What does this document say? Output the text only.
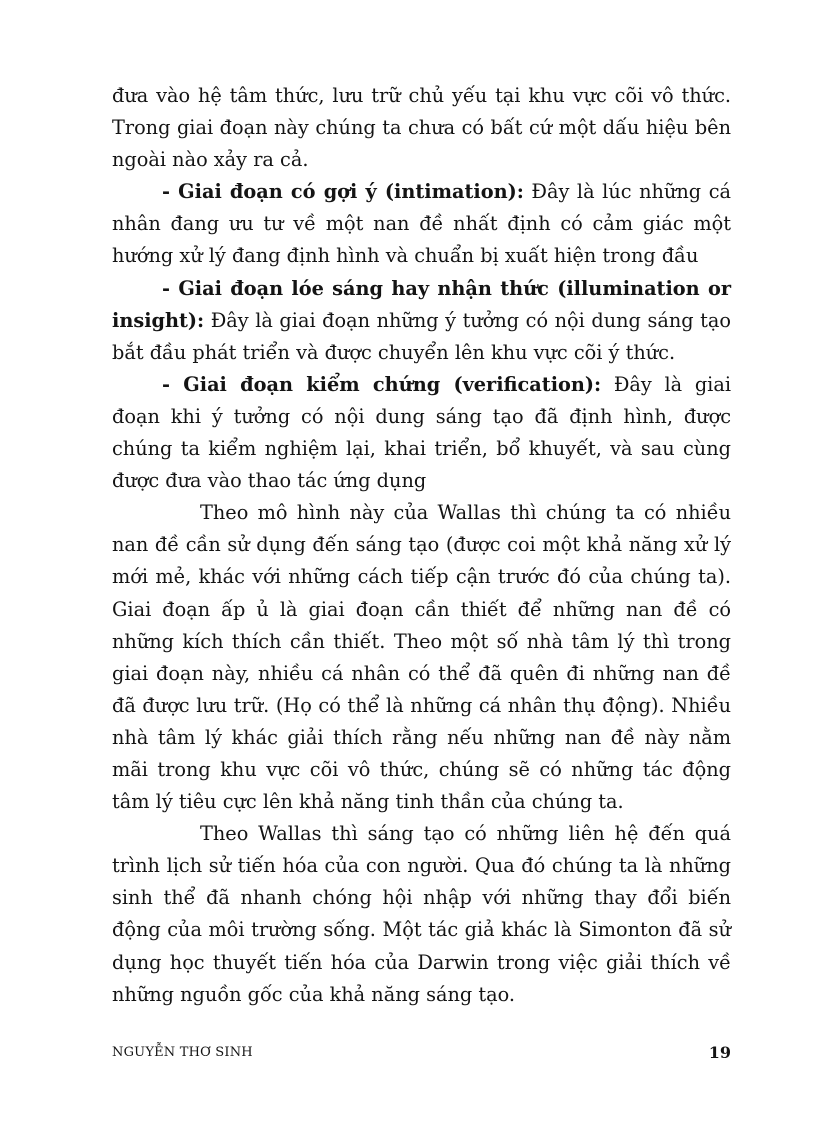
đưa vào hệ tâm thức, lưu trữ chủ yếu tại khu vực cõi vô thức. Trong giai đoạn này chúng ta chưa có bất cứ một dấu hiệu bên ngoài nào xảy ra cả.

- Giai đoạn có gợi ý (intimation): Đây là lúc những cá nhân đang ưu tư về một nan đề nhất định có cảm giác một hướng xử lý đang định hình và chuẩn bị xuất hiện trong đầu

- Giai đoạn lóe sáng hay nhận thức (illumination or insight): Đây là giai đoạn những ý tưởng có nội dung sáng tạo bắt đầu phát triển và được chuyển lên khu vực cõi ý thức.

- Giai đoạn kiểm chứng (verification): Đây là giai đoạn khi ý tưởng có nội dung sáng tạo đã định hình, được chúng ta kiểm nghiệm lại, khai triển, bổ khuyết, và sau cùng được đưa vào thao tác ứng dụng

Theo mô hình này của Wallas thì chúng ta có nhiều nan đề cần sử dụng đến sáng tạo (được coi một khả năng xử lý mới mẻ, khác với những cách tiếp cận trước đó của chúng ta). Giai đoạn ấp ủ là giai đoạn cần thiết để những nan đề có những kích thích cần thiết. Theo một số nhà tâm lý thì trong giai đoạn này, nhiều cá nhân có thể đã quên đi những nan đề đã được lưu trữ. (Họ có thể là những cá nhân thụ động). Nhiều nhà tâm lý khác giải thích rằng nếu những nan đề này nằm mãi trong khu vực cõi vô thức, chúng sẽ có những tác động tâm lý tiêu cực lên khả năng tinh thần của chúng ta.

Theo Wallas thì sáng tạo có những liên hệ đến quá trình lịch sử tiến hóa của con người. Qua đó chúng ta là những sinh thể đã nhanh chóng hội nhập với những thay đổi biến động của môi trường sống. Một tác giả khác là Simonton đã sử dụng học thuyết tiến hóa của Darwin trong việc giải thích về những nguồn gốc của khả năng sáng tạo.

NGUYỄN THƠ SINH	19
